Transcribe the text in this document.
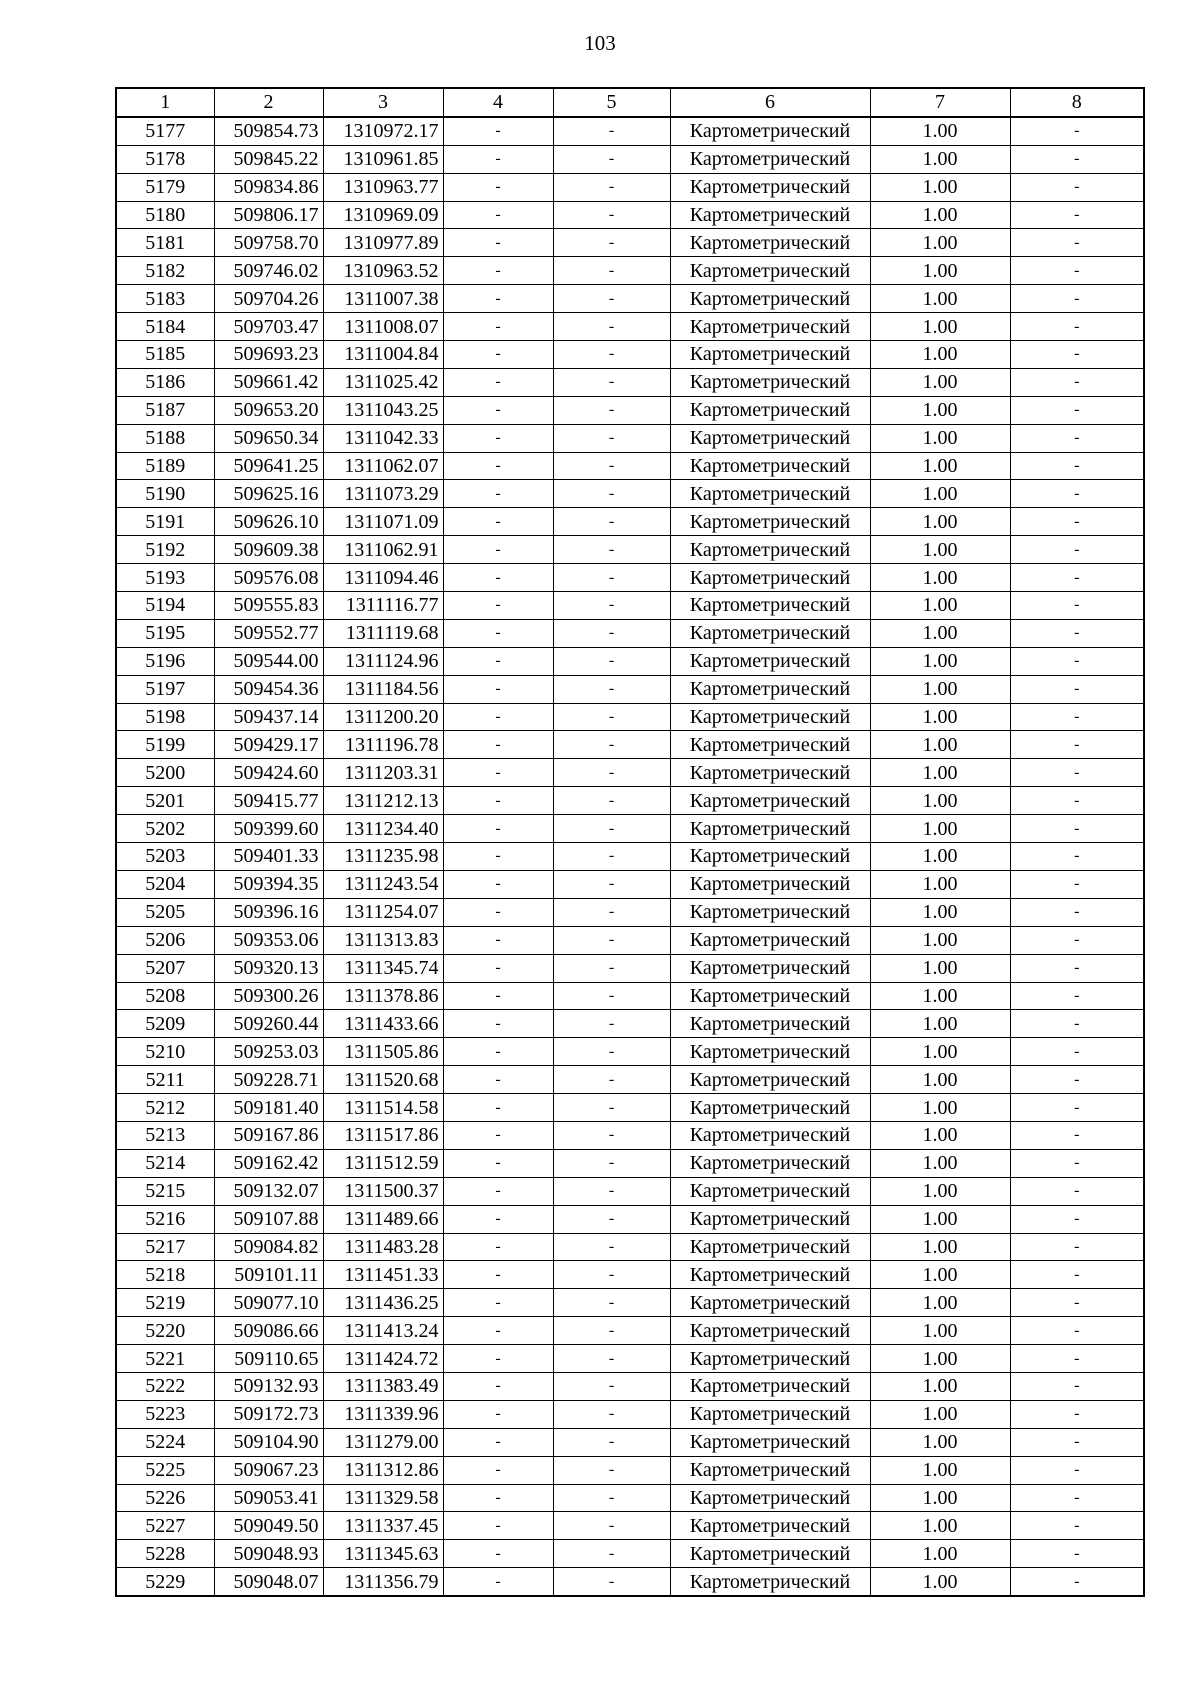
103
1	2	3	4	5	6	7	8
5177	509854.73	1310972.17	-	-	Картометрический	1.00	-
5178	509845.22	1310961.85	-	-	Картометрический	1.00	-
5179	509834.86	1310963.77	-	-	Картометрический	1.00	-
5180	509806.17	1310969.09	-	-	Картометрический	1.00	-
5181	509758.70	1310977.89	-	-	Картометрический	1.00	-
5182	509746.02	1310963.52	-	-	Картометрический	1.00	-
5183	509704.26	1311007.38	-	-	Картометрический	1.00	-
5184	509703.47	1311008.07	-	-	Картометрический	1.00	-
5185	509693.23	1311004.84	-	-	Картометрический	1.00	-
5186	509661.42	1311025.42	-	-	Картометрический	1.00	-
5187	509653.20	1311043.25	-	-	Картометрический	1.00	-
5188	509650.34	1311042.33	-	-	Картометрический	1.00	-
5189	509641.25	1311062.07	-	-	Картометрический	1.00	-
5190	509625.16	1311073.29	-	-	Картометрический	1.00	-
5191	509626.10	1311071.09	-	-	Картометрический	1.00	-
5192	509609.38	1311062.91	-	-	Картометрический	1.00	-
5193	509576.08	1311094.46	-	-	Картометрический	1.00	-
5194	509555.83	1311116.77	-	-	Картометрический	1.00	-
5195	509552.77	1311119.68	-	-	Картометрический	1.00	-
5196	509544.00	1311124.96	-	-	Картометрический	1.00	-
5197	509454.36	1311184.56	-	-	Картометрический	1.00	-
5198	509437.14	1311200.20	-	-	Картометрический	1.00	-
5199	509429.17	1311196.78	-	-	Картометрический	1.00	-
5200	509424.60	1311203.31	-	-	Картометрический	1.00	-
5201	509415.77	1311212.13	-	-	Картометрический	1.00	-
5202	509399.60	1311234.40	-	-	Картометрический	1.00	-
5203	509401.33	1311235.98	-	-	Картометрический	1.00	-
5204	509394.35	1311243.54	-	-	Картометрический	1.00	-
5205	509396.16	1311254.07	-	-	Картометрический	1.00	-
5206	509353.06	1311313.83	-	-	Картометрический	1.00	-
5207	509320.13	1311345.74	-	-	Картометрический	1.00	-
5208	509300.26	1311378.86	-	-	Картометрический	1.00	-
5209	509260.44	1311433.66	-	-	Картометрический	1.00	-
5210	509253.03	1311505.86	-	-	Картометрический	1.00	-
5211	509228.71	1311520.68	-	-	Картометрический	1.00	-
5212	509181.40	1311514.58	-	-	Картометрический	1.00	-
5213	509167.86	1311517.86	-	-	Картометрический	1.00	-
5214	509162.42	1311512.59	-	-	Картометрический	1.00	-
5215	509132.07	1311500.37	-	-	Картометрический	1.00	-
5216	509107.88	1311489.66	-	-	Картометрический	1.00	-
5217	509084.82	1311483.28	-	-	Картометрический	1.00	-
5218	509101.11	1311451.33	-	-	Картометрический	1.00	-
5219	509077.10	1311436.25	-	-	Картометрический	1.00	-
5220	509086.66	1311413.24	-	-	Картометрический	1.00	-
5221	509110.65	1311424.72	-	-	Картометрический	1.00	-
5222	509132.93	1311383.49	-	-	Картометрический	1.00	-
5223	509172.73	1311339.96	-	-	Картометрический	1.00	-
5224	509104.90	1311279.00	-	-	Картометрический	1.00	-
5225	509067.23	1311312.86	-	-	Картометрический	1.00	-
5226	509053.41	1311329.58	-	-	Картометрический	1.00	-
5227	509049.50	1311337.45	-	-	Картометрический	1.00	-
5228	509048.93	1311345.63	-	-	Картометрический	1.00	-
5229	509048.07	1311356.79	-	-	Картометрический	1.00	-
